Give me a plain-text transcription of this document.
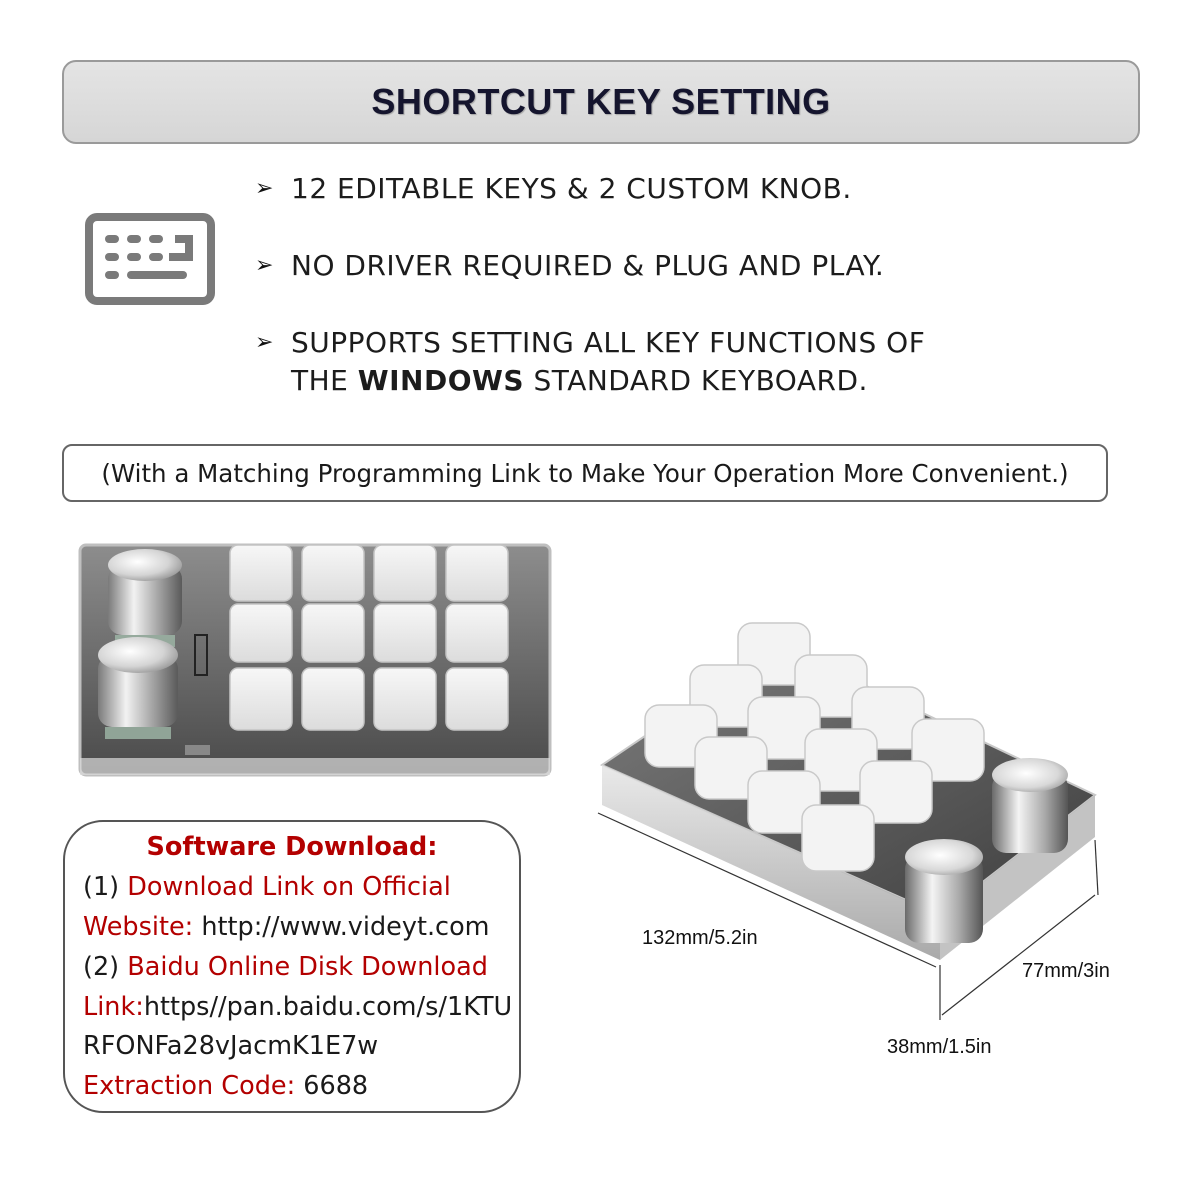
SHORTCUT KEY SETTING
➢ 12 EDITABLE KEYS & 2 CUSTOM KNOB.
➢ NO DRIVER REQUIRED & PLUG AND PLAY.
➢ SUPPORTS SETTING ALL KEY FUNCTIONS OF
THE WINDOWS STANDARD KEYBOARD.
(With a Matching Programming Link to Make Your Operation More Convenient.)
132mm/5.2in
77mm/3in
38mm/1.5in
Software Download:
(1) Download Link on Official
Website: http://www.videyt.com
(2) Baidu Online Disk Download
Link:https//pan.baidu.com/s/1KTU
RFONFa28vJacmK1E7w
Extraction Code: 6688
